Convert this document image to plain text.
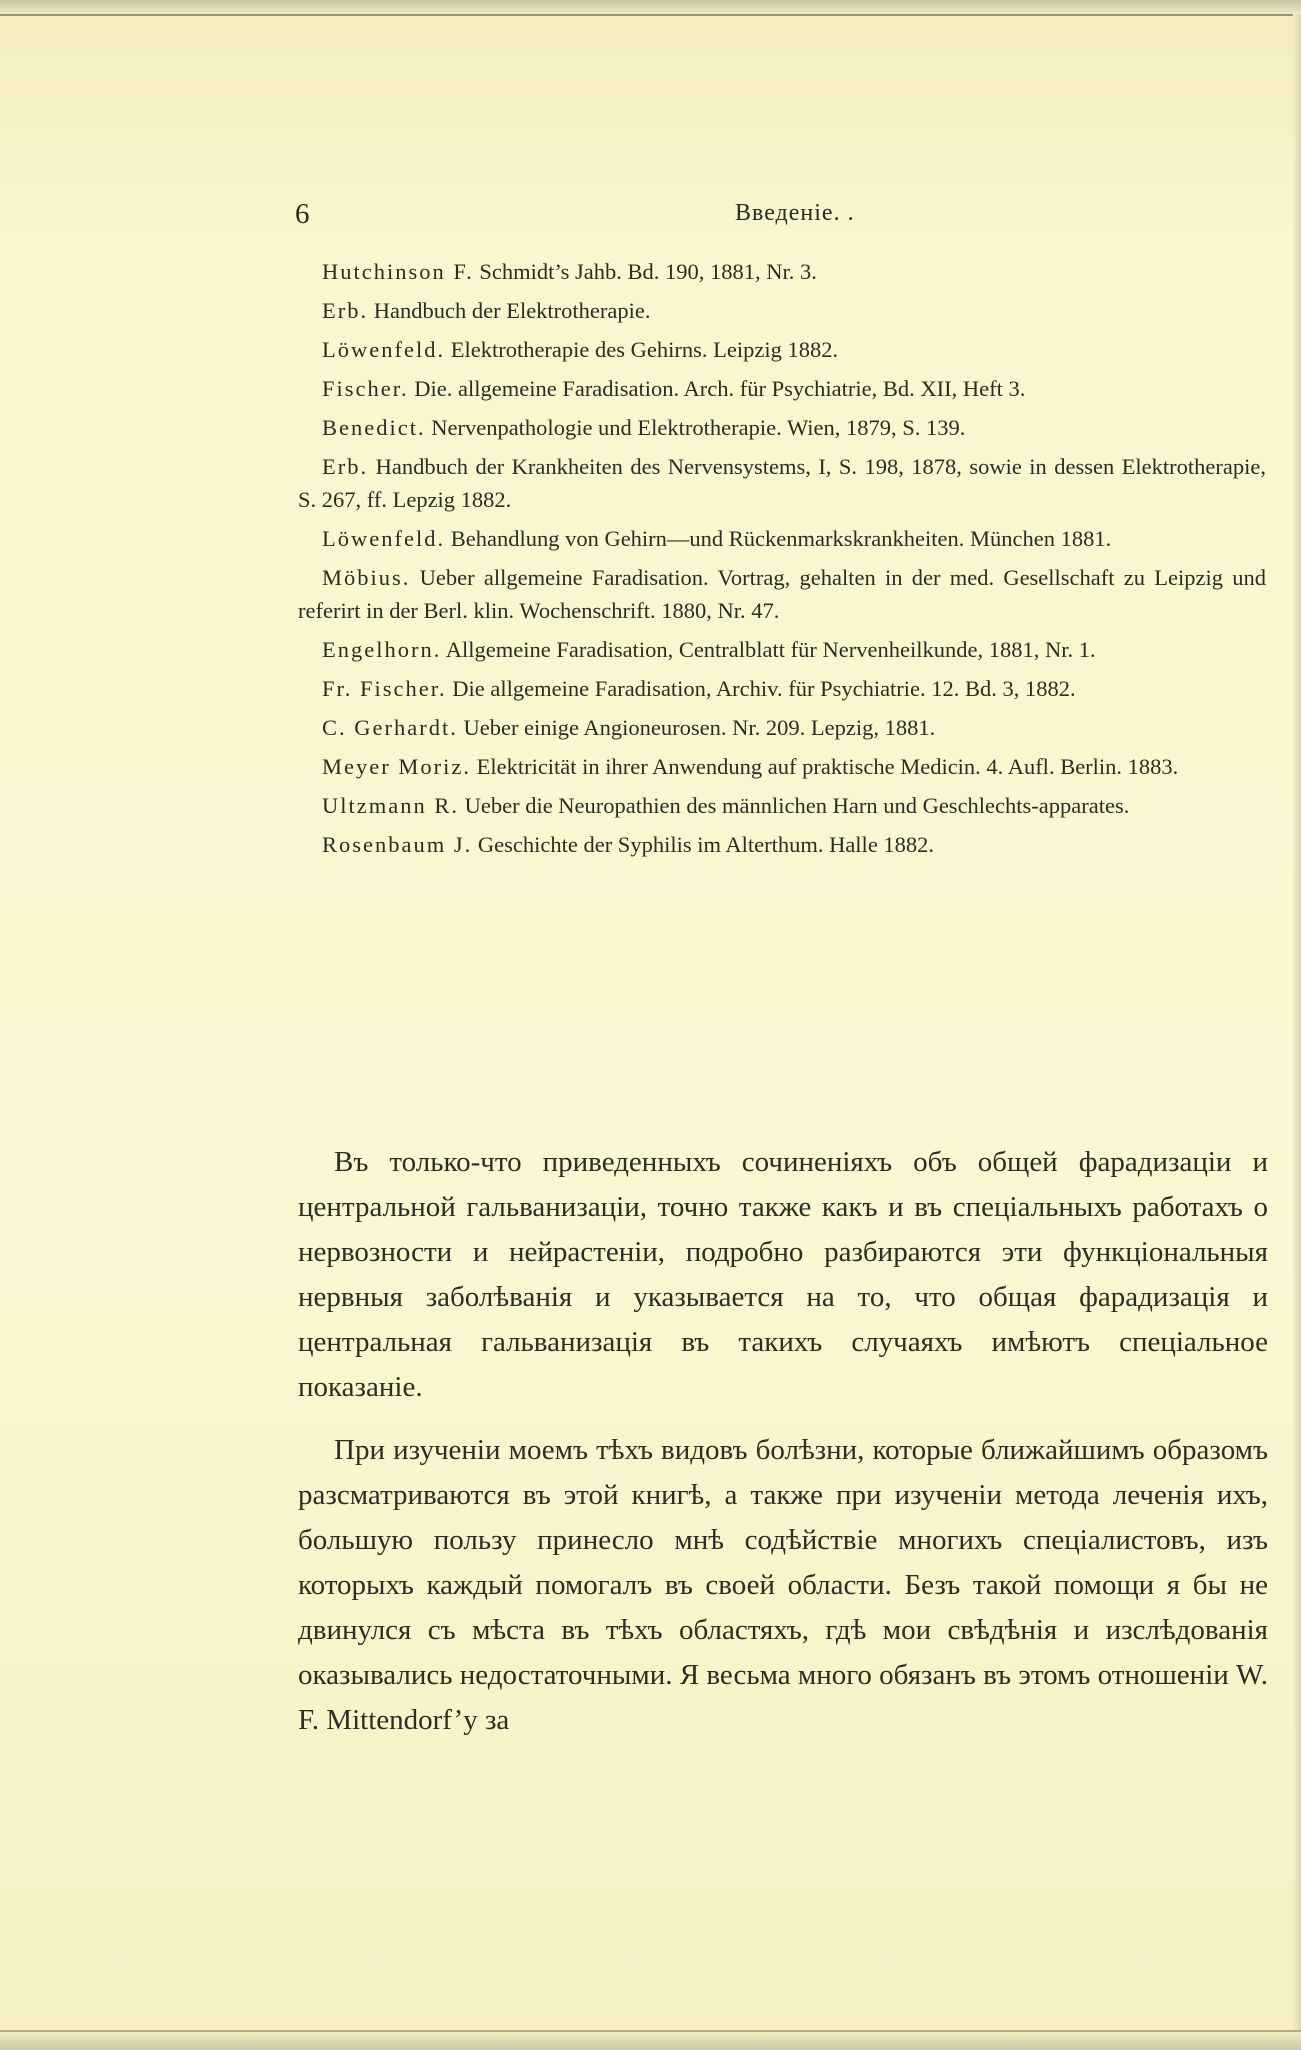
6	Введеніе. .

Hutchinson F. Schmidt’s Jahb. Bd. 190, 1881, Nr. 3.

Erb. Handbuch der Elektrotherapie.

Löwenfeld. Elektrotherapie des Gehirns. Leipzig 1882.

Fischer. Die. allgemeine Faradisation. Arch. für Psychiatrie, Bd. XII, Heft 3.

Benedict. Nervenpathologie und Elektrotherapie. Wien, 1879, S. 139.

Erb. Handbuch der Krankheiten des Nervensystems, I, S. 198, 1878, sowie in dessen Elektrotherapie, S. 267, ff. Lepzig 1882.

Löwenfeld. Behandlung von Gehirn—und Rückenmarkskrankheiten. München 1881.

Möbius. Ueber allgemeine Faradisation. Vortrag, gehalten in der med. Gesellschaft zu Leipzig und referirt in der Berl. klin. Wochenschrift. 1880, Nr. 47.

Engelhorn. Allgemeine Faradisation, Centralblatt für Nervenheilkunde, 1881, Nr. 1.

Fr. Fischer. Die allgemeine Faradisation, Archiv. für Psychiatrie. 12. Bd. 3, 1882.

C. Gerhardt. Ueber einige Angioneurosen. Nr. 209. Lepzig, 1881.

Meyer Moriz. Elektricität in ihrer Anwendung auf praktische Medicin. 4. Aufl. Berlin. 1883.

Ultzmann R. Ueber die Neuropathien des männlichen Harn und Geschlechts-apparates.

Rosenbaum J. Geschichte der Syphilis im Alterthum. Halle 1882.

Въ только-что приведенныхъ сочиненіяхъ объ общей фарадизаціи и центральной гальванизаціи, точно также какъ и въ спеціальныхъ работахъ о нервозности и нейрастеніи, подробно разбираются эти функціональныя нервныя заболѣванія и указывается на то, что общая фарадизація и центральная гальванизація въ такихъ случаяхъ имѣютъ спеціальное показаніе.

При изученіи моемъ тѣхъ видовъ болѣзни, которые ближайшимъ образомъ разсматриваются въ этой книгѣ, а также при изученіи метода леченія ихъ, большую пользу принесло мнѣ содѣйствіе многихъ спеціалистовъ, изъ которыхъ каждый помогалъ въ своей области. Безъ такой помощи я бы не двинулся съ мѣста въ тѣхъ областяхъ, гдѣ мои свѣдѣнія и изслѣдованія оказывались недостаточными. Я весьма много обязанъ въ этомъ отношеніи W. F. Mittendorf’у за
